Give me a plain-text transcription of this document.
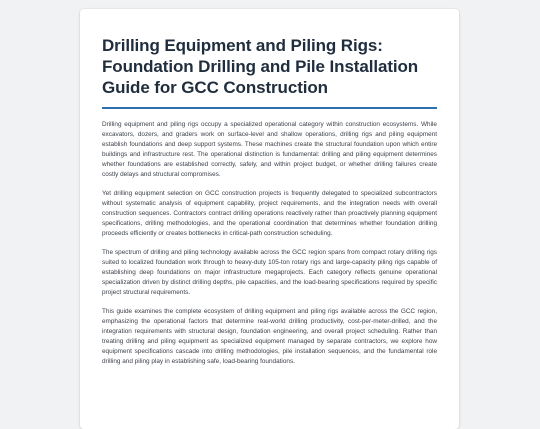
Drilling Equipment and Piling Rigs: Foundation Drilling and Pile Installation Guide for GCC Construction

Drilling equipment and piling rigs occupy a specialized operational category within construction ecosystems. While excavators, dozers, and graders work on surface-level and shallow operations, drilling rigs and piling equipment establish foundations and deep support systems. These machines create the structural foundation upon which entire buildings and infrastructure rest. The operational distinction is fundamental: drilling and piling equipment determines whether foundations are established correctly, safely, and within project budget, or whether drilling failures create costly delays and structural compromises.

Yet drilling equipment selection on GCC construction projects is frequently delegated to specialized subcontractors without systematic analysis of equipment capability, project requirements, and the integration needs with overall construction sequences. Contractors contract drilling operations reactively rather than proactively planning equipment specifications, drilling methodologies, and the operational coordination that determines whether foundation drilling proceeds efficiently or creates bottlenecks in critical-path construction scheduling.

The spectrum of drilling and piling technology available across the GCC region spans from compact rotary drilling rigs suited to localized foundation work through to heavy-duty 105-ton rotary rigs and large-capacity piling rigs capable of establishing deep foundations on major infrastructure megaprojects. Each category reflects genuine operational specialization driven by distinct drilling depths, pile capacities, and the load-bearing specifications required by specific project structural requirements.

This guide examines the complete ecosystem of drilling equipment and piling rigs available across the GCC region, emphasizing the operational factors that determine real-world drilling productivity, cost-per-meter-drilled, and the integration requirements with structural design, foundation engineering, and overall project scheduling. Rather than treating drilling and piling equipment as specialized equipment managed by separate contractors, we explore how equipment specifications cascade into drilling methodologies, pile installation sequences, and the fundamental role drilling and piling play in establishing safe, load-bearing foundations.
